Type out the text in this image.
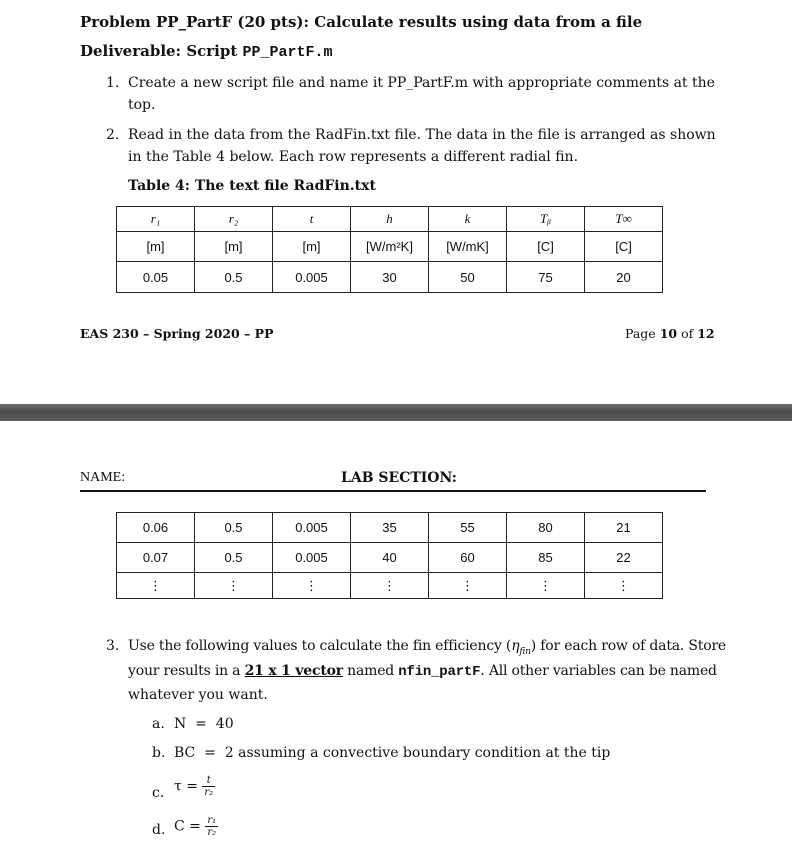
Problem PP_PartF (20 pts): Calculate results using data from a file
Deliverable: Script PP_PartF.m
1. Create a new script file and name it PP_PartF.m with appropriate comments at the
top.
2. Read in the data from the RadFin.txt file. The data in the file is arranged as shown
in the Table 4 below. Each row represents a different radial fin.
Table 4: The text file RadFin.txt
r₁	r₂	t	h	k	Tᵦ	T∞
[m]	[m]	[m]	[W/m²K]	[W/mK]	[C]	[C]
0.05	0.5	0.005	30	50	75	20
EAS 230 – Spring 2020 – PP	Page 10 of 12
NAME:	LAB SECTION:
0.06	0.5	0.005	35	55	80	21
0.07	0.5	0.005	40	60	85	22
⋮	⋮	⋮	⋮	⋮	⋮	⋮
3. Use the following values to calculate the fin efficiency $(\eta_{fin})$ for each row of data. Store
your results in a 21 x 1 vector named nfin_partF. All other variables can be named
whatever you want.
a. N  =  40
b. BC  =  2 assuming a convective boundary condition at the tip
c. $\tau = \frac{t}{\text{r₂}}$
d. $C = \frac{\text{r₁}}{\text{r₂}}$
